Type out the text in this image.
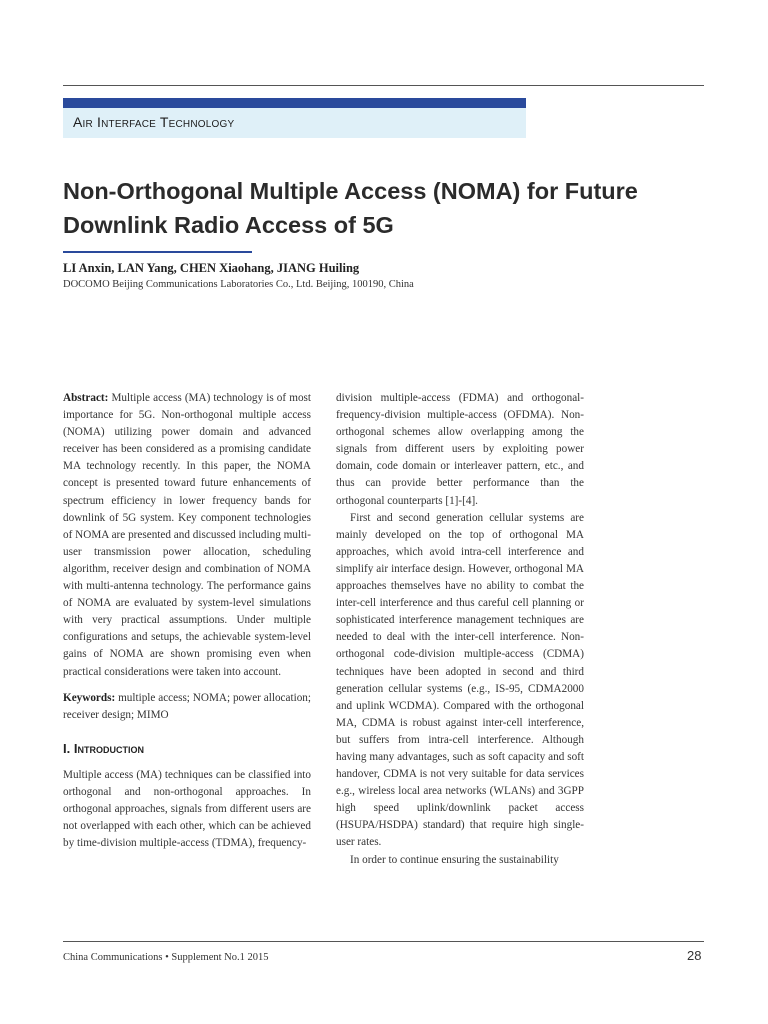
Air Interface Technology
Non-Orthogonal Multiple Access (NOMA) for Future Downlink Radio Access of 5G
LI Anxin, LAN Yang, CHEN Xiaohang, JIANG Huiling
DOCOMO Beijing Communications Laboratories Co., Ltd. Beijing, 100190, China

Abstract: Multiple access (MA) technology is of most importance for 5G. Non-orthogonal multiple access (NOMA) utilizing power domain and advanced receiver has been considered as a promising candidate MA technology recently. In this paper, the NOMA concept is presented toward future enhancements of spectrum efficiency in lower frequency bands for downlink of 5G system. Key component technologies of NOMA are presented and discussed including multi-user transmission power allocation, scheduling algorithm, receiver design and combination of NOMA with multi-antenna technology. The performance gains of NOMA are evaluated by system-level simulations with very practical assumptions. Under multiple configurations and setups, the achievable system-level gains of NOMA are shown promising even when practical considerations were taken into account.

Keywords: multiple access; NOMA; power allocation; receiver design; MIMO

I. Introduction

Multiple access (MA) techniques can be classified into orthogonal and non-orthogonal approaches. In orthogonal approaches, signals from different users are not overlapped with each other, which can be achieved by time-division multiple-access (TDMA), frequency-

division multiple-access (FDMA) and orthogonal-frequency-division multiple-access (OFDMA). Non-orthogonal schemes allow overlapping among the signals from different users by exploiting power domain, code domain or interleaver pattern, etc., and thus can provide better performance than the orthogonal counterparts [1]-[4].

First and second generation cellular systems are mainly developed on the top of orthogonal MA approaches, which avoid intra-cell interference and simplify air interface design. However, orthogonal MA approaches themselves have no ability to combat the inter-cell interference and thus careful cell planning or sophisticated interference management techniques are needed to deal with the inter-cell interference. Non-orthogonal code-division multiple-access (CDMA) techniques have been adopted in second and third generation cellular systems (e.g., IS-95, CDMA2000 and uplink WCDMA). Compared with the orthogonal MA, CDMA is robust against inter-cell interference, but suffers from intra-cell interference. Although having many advantages, such as soft capacity and soft handover, CDMA is not very suitable for data services e.g., wireless local area networks (WLANs) and 3GPP high speed uplink/downlink packet access (HSUPA/HSDPA) standard) that require high single-user rates.

In order to continue ensuring the sustainability

China Communications • Supplement No.1 2015	28
